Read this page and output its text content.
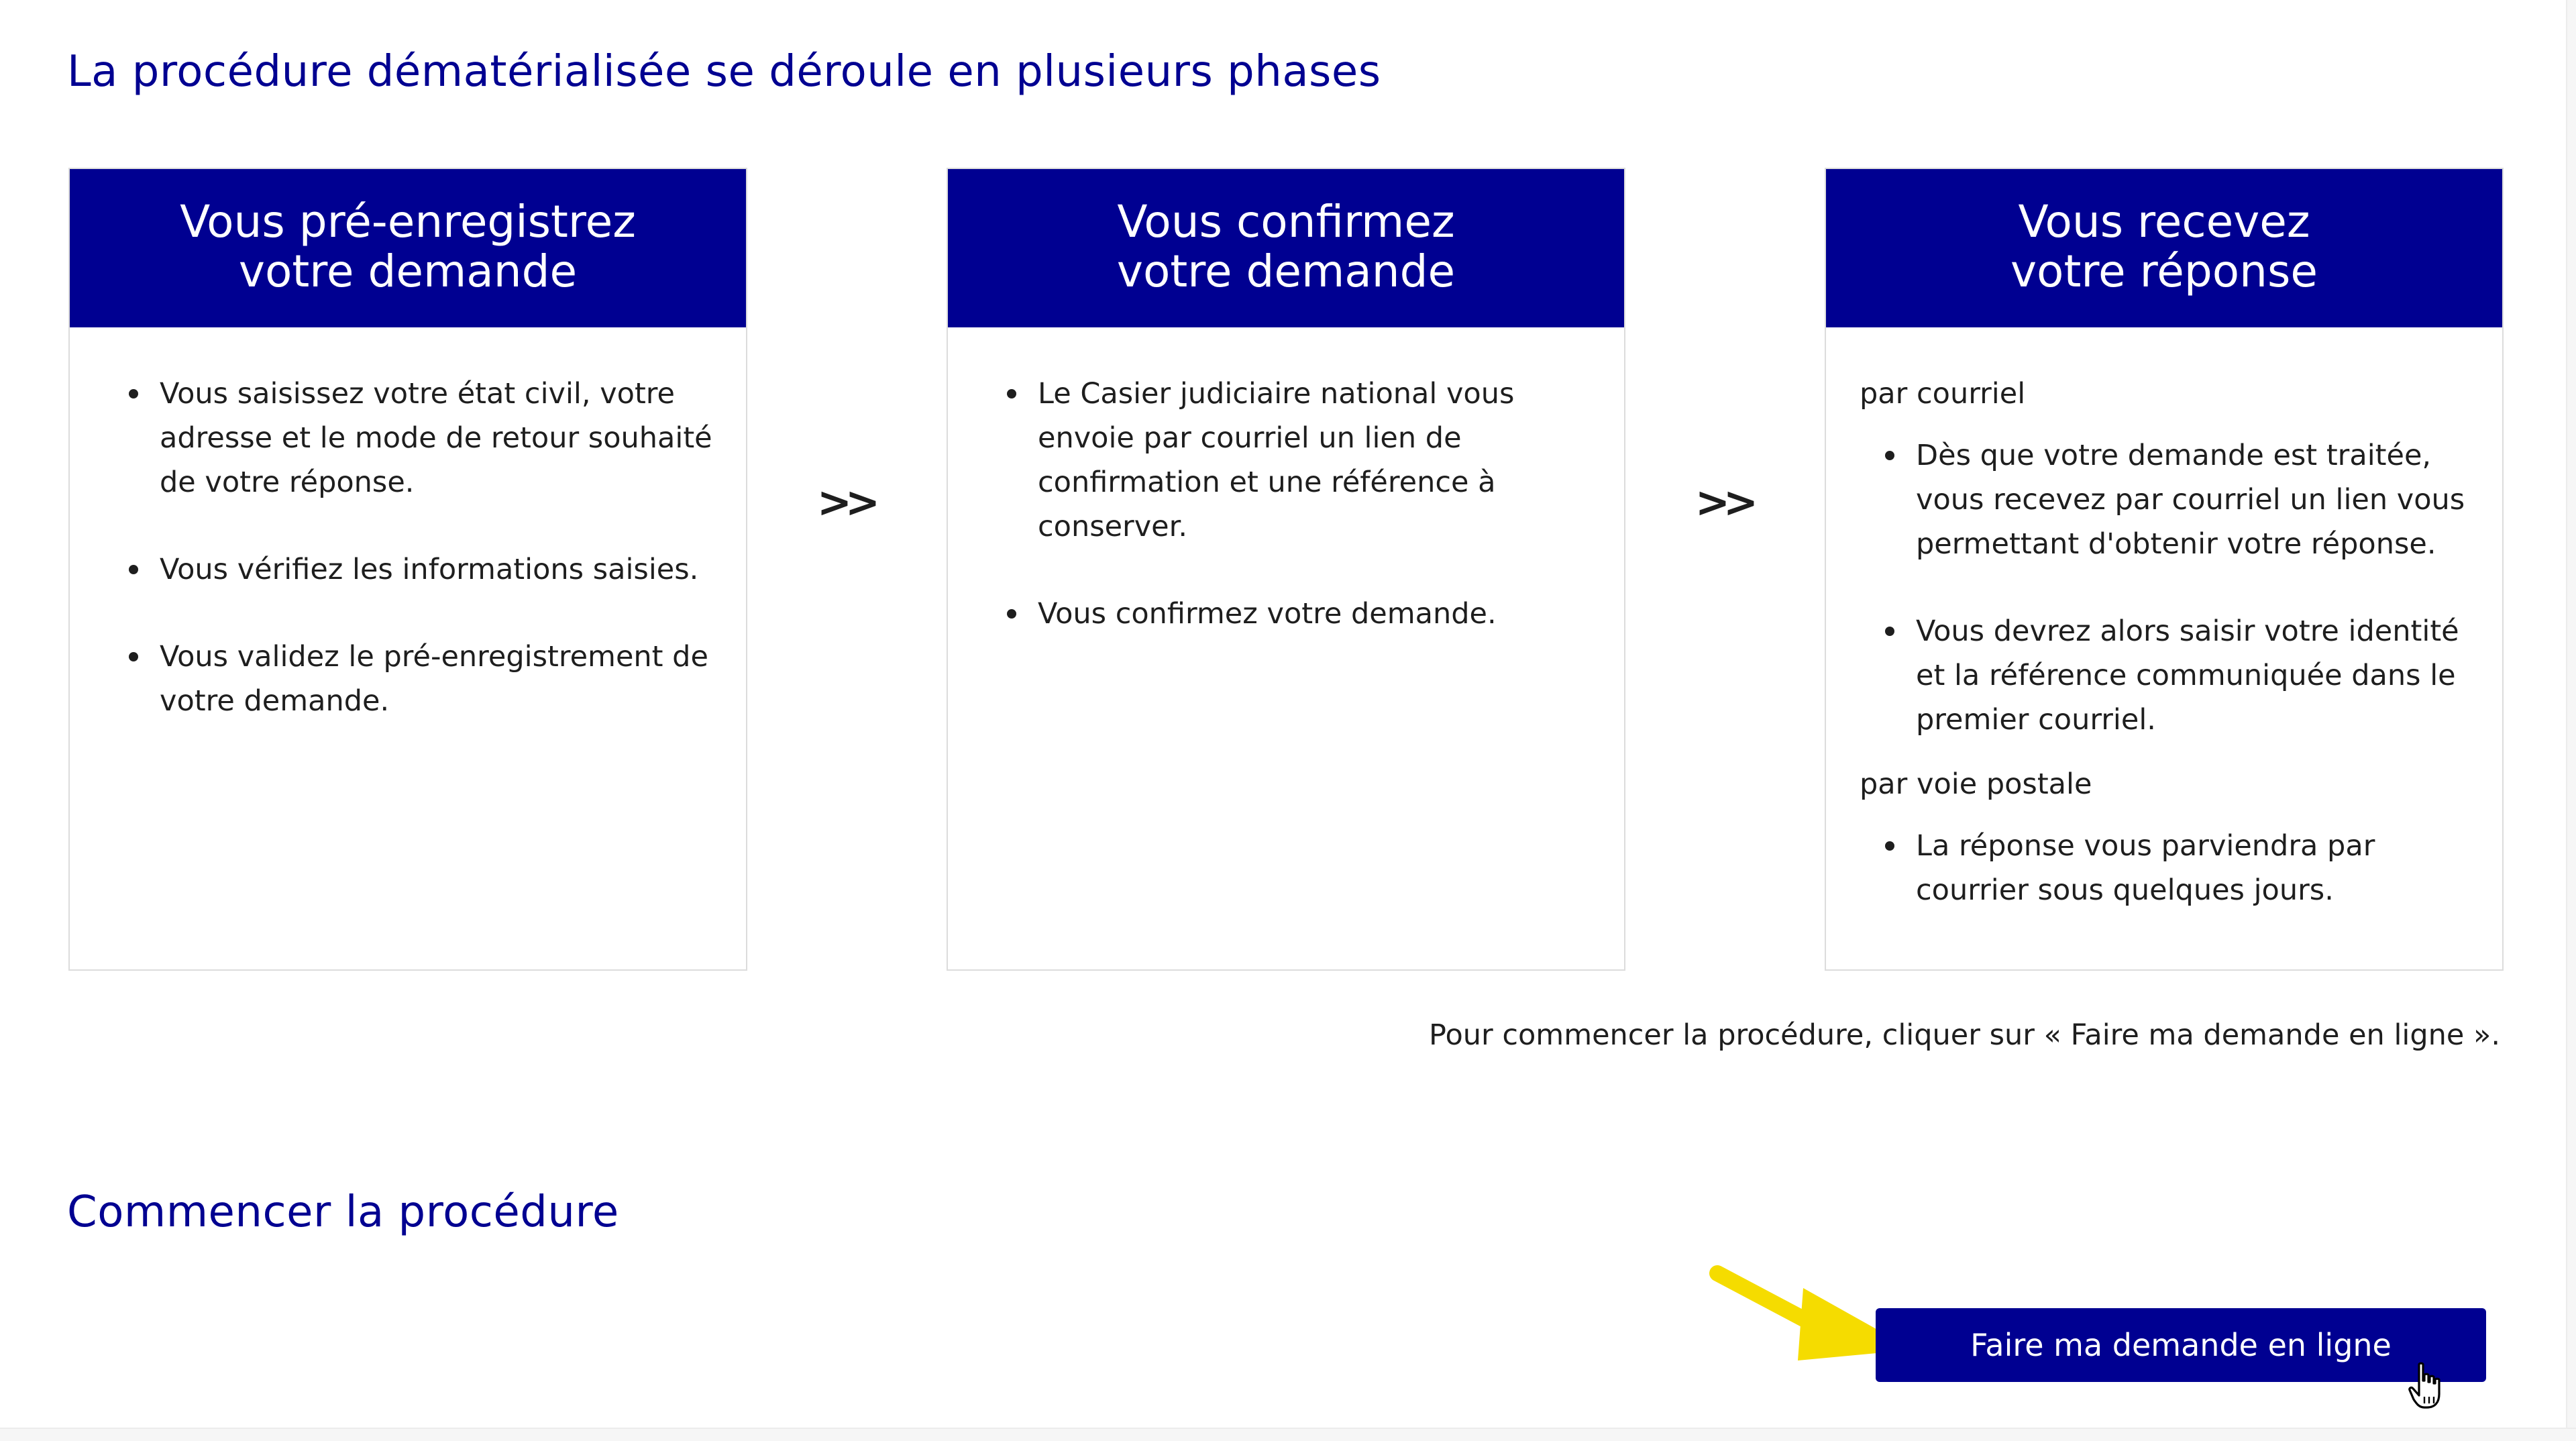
La procédure dématérialisée se déroule en plusieurs phases
Vous pré-enregistrez
votre demande
Vous saisissez votre état civil, votre adresse et le mode de retour souhaité de votre réponse.
Vous vérifiez les informations saisies.
Vous validez le pré-enregistrement de votre demande.
>>
Vous confirmez
votre demande
Le Casier judiciaire national vous envoie par courriel un lien de confirmation et une référence à conserver.
Vous confirmez votre demande.
>>
Vous recevez
votre réponse

par courriel

Dès que votre demande est traitée, vous recevez par courriel un lien vous permettant d'obtenir votre réponse.
Vous devrez alors saisir votre identité et la référence communiquée dans le premier courriel.

par voie postale

La réponse vous parviendra par courrier sous quelques jours.

Pour commencer la procédure, cliquer sur « Faire ma demande en ligne ».

Commencer la procédure
Faire ma demande en ligne
